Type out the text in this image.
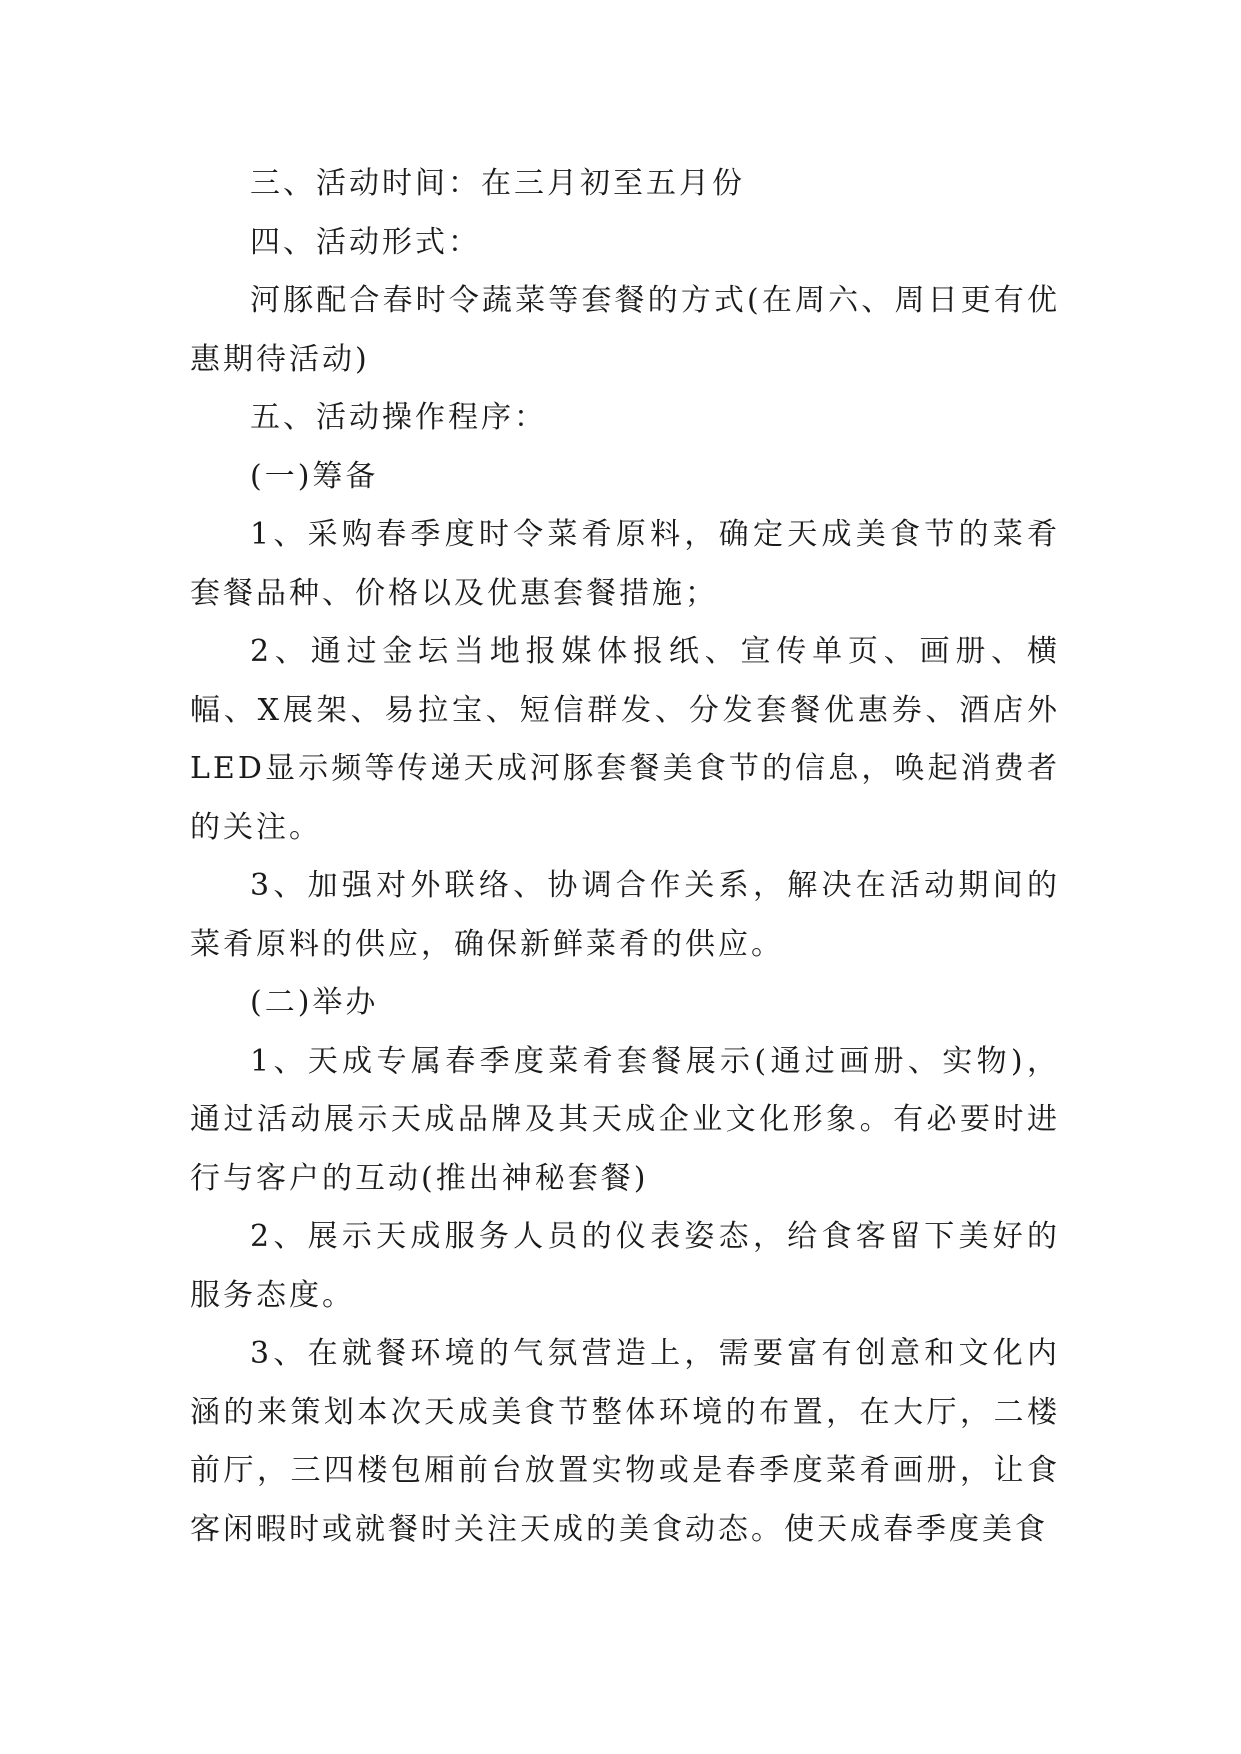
三、活动时间：在三月初至五月份

四、活动形式：

河豚配合春时令蔬菜等套餐的方式(在周六、周日更有优惠期待活动)

五、活动操作程序：

(一)筹备

1、采购春季度时令菜肴原料，确定天成美食节的菜肴套餐品种、价格以及优惠套餐措施；

2、通过金坛当地报媒体报纸、宣传单页、画册、横幅、X展架、易拉宝、短信群发、分发套餐优惠券、酒店外LED显示频等传递天成河豚套餐美食节的信息，唤起消费者的关注。

3、加强对外联络、协调合作关系，解决在活动期间的菜肴原料的供应，确保新鲜菜肴的供应。

(二)举办

1、天成专属春季度菜肴套餐展示(通过画册、实物)，通过活动展示天成品牌及其天成企业文化形象。有必要时进行与客户的互动(推出神秘套餐)

2、展示天成服务人员的仪表姿态，给食客留下美好的服务态度。

3、在就餐环境的气氛营造上，需要富有创意和文化内涵的来策划本次天成美食节整体环境的布置，在大厅，二楼前厅，三四楼包厢前台放置实物或是春季度菜肴画册，让食客闲暇时或就餐时关注天成的美食动态。使天成春季度美食
